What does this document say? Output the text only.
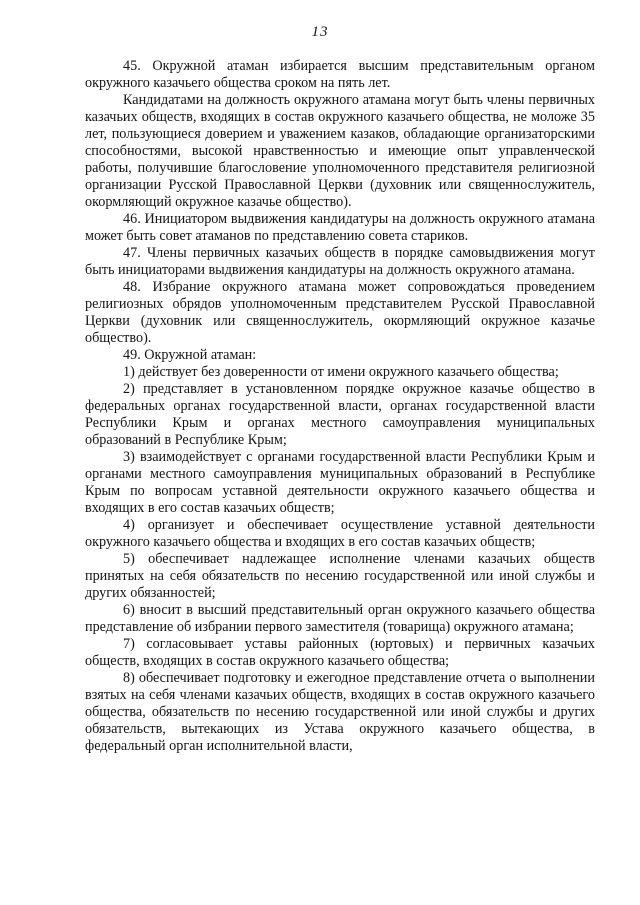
13

45. Окружной атаман избирается высшим представительным органом окружного казачьего общества сроком на пять лет.

Кандидатами на должность окружного атамана могут быть члены первичных казачьих обществ, входящих в состав окружного казачьего общества, не моложе 35 лет, пользующиеся доверием и уважением казаков, обладающие организаторскими способностями, высокой нравственностью и имеющие опыт управленческой работы, получившие благословение уполномоченного представителя религиозной организации Русской Православной Церкви (духовник или священнослужитель, окормляющий окружное казачье общество).

46. Инициатором выдвижения кандидатуры на должность окружного атамана может быть совет атаманов по представлению совета стариков.

47. Члены первичных казачьих обществ в порядке самовыдвижения могут быть инициаторами выдвижения кандидатуры на должность окружного атамана.

48. Избрание окружного атамана может сопровождаться проведением религиозных обрядов уполномоченным представителем Русской Православной Церкви (духовник или священнослужитель, окормляющий окружное казачье общество).

49. Окружной атаман:

1) действует без доверенности от имени окружного казачьего общества;

2) представляет в установленном порядке окружное казачье общество в федеральных органах государственной власти, органах государственной власти Республики Крым и органах местного самоуправления муниципальных образований в Республике Крым;

3) взаимодействует с органами государственной власти Республики Крым и органами местного самоуправления муниципальных образований в Республике Крым по вопросам уставной деятельности окружного казачьего общества и входящих в его состав казачьих обществ;

4) организует и обеспечивает осуществление уставной деятельности окружного казачьего общества и входящих в его состав казачьих обществ;

5) обеспечивает надлежащее исполнение членами казачьих обществ принятых на себя обязательств по несению государственной или иной службы и других обязанностей;

6) вносит в высший представительный орган окружного казачьего общества представление об избрании первого заместителя (товарища) окружного атамана;

7) согласовывает уставы районных (юртовых) и первичных казачьих обществ, входящих в состав окружного казачьего общества;

8) обеспечивает подготовку и ежегодное представление отчета о выполнении взятых на себя членами казачьих обществ, входящих в состав окружного казачьего общества, обязательств по несению государственной или иной службы и других обязательств, вытекающих из Устава окружного казачьего общества, в федеральный орган исполнительной власти,
